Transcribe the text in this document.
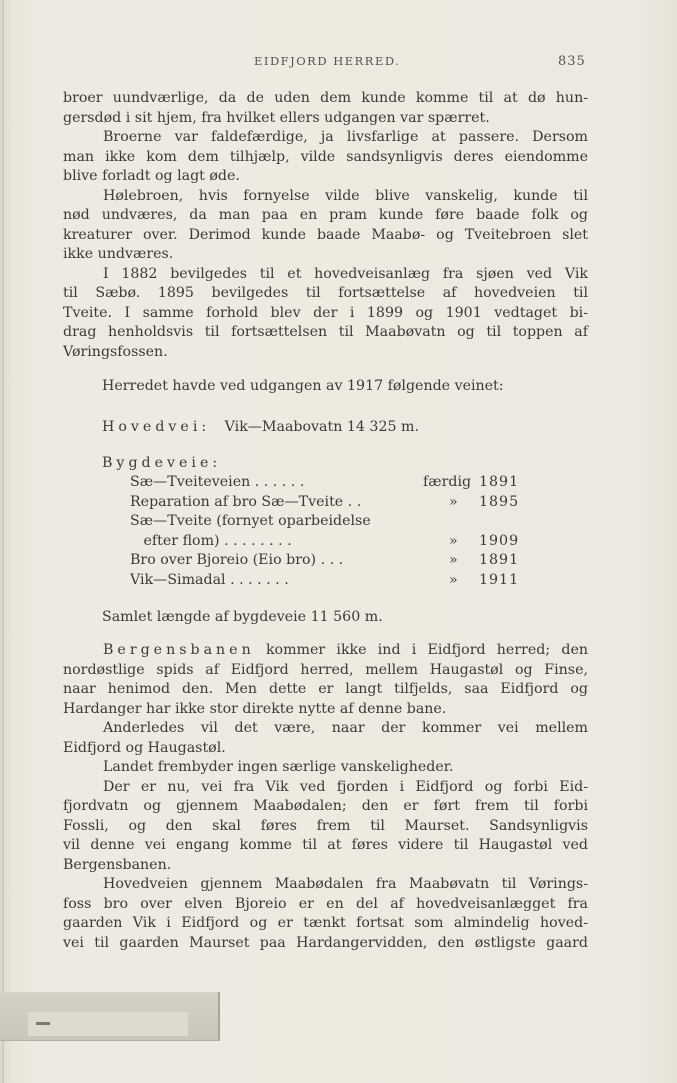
EIDFJORD HERRED.	835

broer uundværlige, da de uden dem kunde komme til at dø hun-

gersdød i sit hjem, fra hvilket ellers udgangen var spærret.

Broerne var faldefærdige, ja livsfarlige at passere. Dersom

man ikke kom dem tilhjælp, vilde sandsynligvis deres eiendomme

blive forladt og lagt øde.

Hølebroen, hvis fornyelse vilde blive vanskelig, kunde til

nød undværes, da man paa en pram kunde føre baade folk og

kreaturer over. Derimod kunde baade Maabø- og Tveitebroen slet

ikke undværes.

I 1882 bevilgedes til et hovedveisanlæg fra sjøen ved Vik

til Sæbø. 1895 bevilgedes til fortsættelse af hovedveien til

Tveite. I samme forhold blev der i 1899 og 1901 vedtaget bi-

drag henholdsvis til fortsættelsen til Maabøvatn og til toppen af

Vøringsfossen.

Herredet havde ved udgangen av 1917 følgende veinet:
Hovedvei: Vik—Maabovatn 14 325 m.
Bygdeveie:
Sæ—Tveiteveien . . . . . .	færdig 1891
Reparation af bro Sæ—Tveite . .	» 1895
Sæ—Tveite (fornyet oparbeidelse
efter flom) . . . . . . . .	» 1909
Bro over Bjoreio (Eio bro) . . .	» 1891
Vik—Simadal . . . . . . .	» 1911
Samlet længde af bygdeveie 11 560 m.

Bergensbanen kommer ikke ind i Eidfjord herred; den

nordøstlige spids af Eidfjord herred, mellem Haugastøl og Finse,

naar henimod den. Men dette er langt tilfjelds, saa Eidfjord og

Hardanger har ikke stor direkte nytte af denne bane.

Anderledes vil det være, naar der kommer vei mellem

Eidfjord og Haugastøl.

Landet frembyder ingen særlige vanskeligheder.

Der er nu, vei fra Vik ved fjorden i Eidfjord og forbi Eid-

fjordvatn og gjennem Maabødalen; den er ført frem til forbi

Fossli, og den skal føres frem til Maurset. Sandsynligvis

vil denne vei engang komme til at føres videre til Haugastøl ved

Bergensbanen.

Hovedveien gjennem Maabødalen fra Maabøvatn til Vørings-

foss bro over elven Bjoreio er en del af hovedveisanlægget fra

gaarden Vik i Eidfjord og er tænkt fortsat som almindelig hoved-

vei til gaarden Maurset paa Hardangervidden, den østligste gaard
